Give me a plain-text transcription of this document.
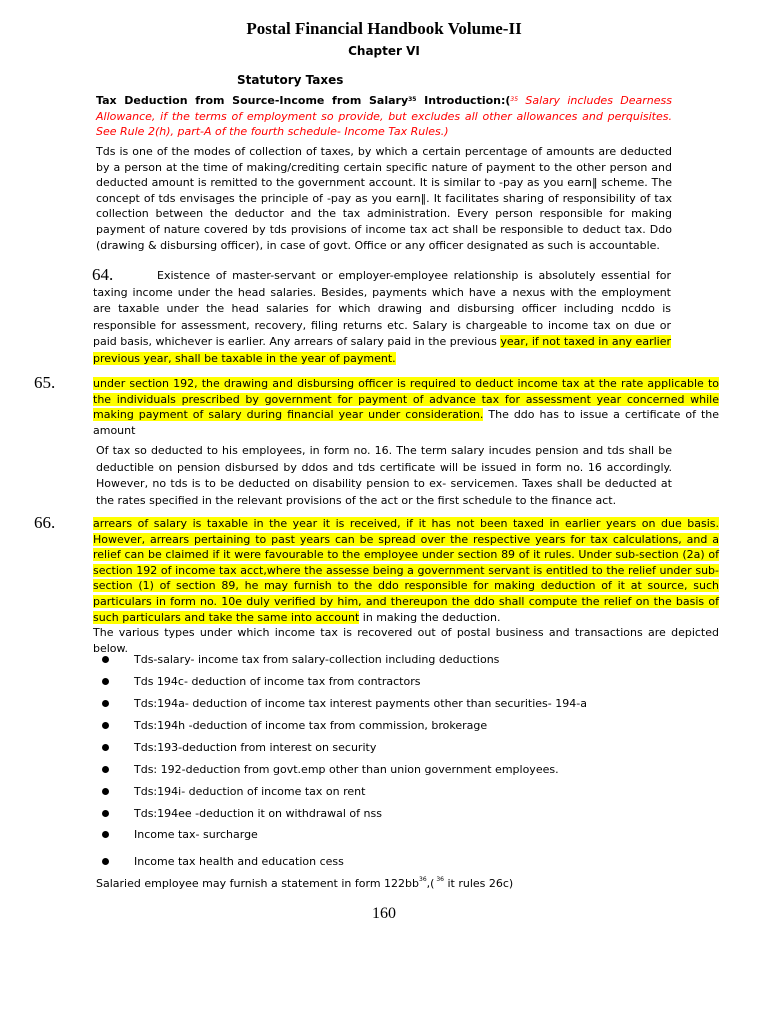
Postal Financial Handbook Volume-II
Chapter VI
Statutory Taxes
Tax Deduction from Source-Income from Salary$^{35}$ Introduction:($^{35}$ Salary includes Dearness Allowance, if the terms of employment so provide, but excludes all other allowances and perquisites. See Rule 2(h), part-A of the fourth schedule- Income Tax Rules.)
Tds is one of the modes of collection of taxes, by which a certain percentage of amounts are deducted by a person at the time of making/crediting certain specific nature of payment to the other person and deducted amount is remitted to the government account. It is similar to ‑pay as you earn‖ scheme. The concept of tds envisages the principle of ‑pay as you earn‖. It facilitates sharing of responsibility of tax collection between the deductor and the tax administration. Every person responsible for making payment of nature covered by tds provisions of income tax act shall be responsible to deduct tax. Ddo (drawing & disbursing officer), in case of govt. Office or any officer designated as such is accountable.
64.	Existence of master-servant or employer-employee relationship is absolutely essential for taxing income under the head salaries. Besides, payments which have a nexus with the employment are taxable under the head salaries for which drawing and disbursing officer including ncddo is responsible for assessment, recovery, filing returns etc. Salary is chargeable to income tax on due or paid basis, whichever is earlier. Any arrears of salary paid in the previous year, if not taxed in any earlier previous year, shall be taxable in the year of payment.
65.	under section 192, the drawing and disbursing officer is required to deduct income tax at the rate applicable to the individuals prescribed by government for payment of advance tax for assessment year concerned while making payment of salary during financial year under consideration. The ddo has to issue a certificate of the amount
Of tax so deducted to his employees, in form no. 16. The term salary incudes pension and tds shall be deductible on pension disbursed by ddos and tds certificate will be issued in form no. 16 accordingly. However, no tds is to be deducted on disability pension to ex- servicemen. Taxes shall be deducted at the rates specified in the relevant provisions of the act or the first schedule to the finance act.
66.	arrears of salary is taxable in the year it is received, if it has not been taxed in earlier years on due basis. However, arrears pertaining to past years can be spread over the respective years for tax calculations, and a relief can be claimed if it were favourable to the employee under section 89 of it rules. Under sub-section (2a) of section 192 of income tax acct,where the assesse being a government servant is entitled to the relief under sub-section (1) of section 89, he may furnish to the ddo responsible for making deduction of it at source, such particulars in form no. 10e duly verified by him, and thereupon the ddo shall compute the relief on the basis of such particulars and take the same into account in making the deduction.
The various types under which income tax is recovered out of postal business and transactions are depicted below.
Tds-salary- income tax from salary-collection including deductions
Tds 194c- deduction of income tax from contractors
Tds:194a- deduction of income tax interest payments other than securities- 194-a
Tds:194h -deduction of income tax from commission, brokerage
Tds:193-deduction from interest on security
Tds: 192-deduction from govt.emp other than union government employees.
Tds:194i- deduction of income tax on rent
Tds:194ee -deduction it on withdrawal of nss
Income tax- surcharge
Income tax health and education cess
Salaried employee may furnish a statement in form $122bb^{36}$,( $^{36}$ it rules 26c)
160
